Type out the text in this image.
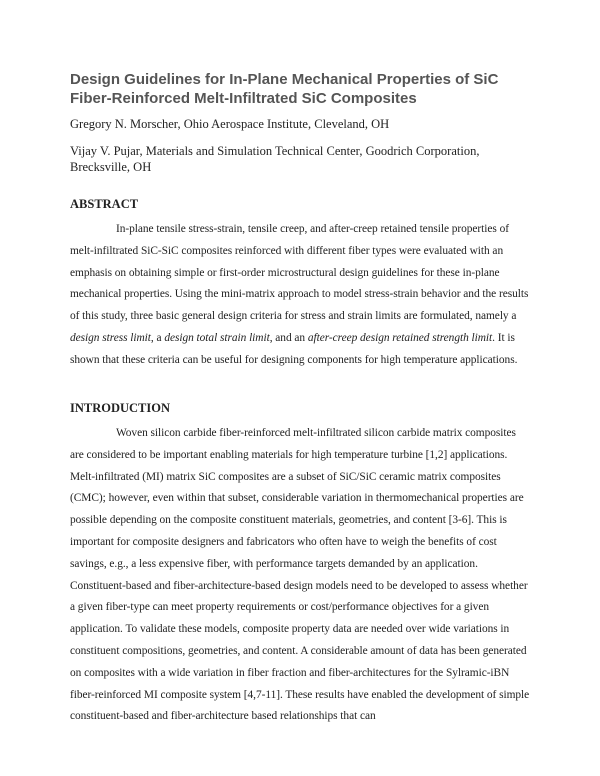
Design Guidelines for In-Plane Mechanical Properties of SiC Fiber-Reinforced Melt-Infiltrated SiC Composites

Gregory N. Morscher, Ohio Aerospace Institute, Cleveland, OH

Vijay V. Pujar, Materials and Simulation Technical Center, Goodrich Corporation, Brecksville, OH

ABSTRACT

In-plane tensile stress-strain, tensile creep, and after-creep retained tensile properties of melt-infiltrated SiC-SiC composites reinforced with different fiber types were evaluated with an emphasis on obtaining simple or first-order microstructural design guidelines for these in-plane mechanical properties. Using the mini-matrix approach to model stress-strain behavior and the results of this study, three basic general design criteria for stress and strain limits are formulated, namely a design stress limit, a design total strain limit, and an after-creep design retained strength limit. It is shown that these criteria can be useful for designing components for high temperature applications.

INTRODUCTION

Woven silicon carbide fiber-reinforced melt-infiltrated silicon carbide matrix composites are considered to be important enabling materials for high temperature turbine [1,2] applications. Melt-infiltrated (MI) matrix SiC composites are a subset of SiC/SiC ceramic matrix composites (CMC); however, even within that subset, considerable variation in thermomechanical properties are possible depending on the composite constituent materials, geometries, and content [3-6]. This is important for composite designers and fabricators who often have to weigh the benefits of cost savings, e.g., a less expensive fiber, with performance targets demanded by an application. Constituent-based and fiber-architecture-based design models need to be developed to assess whether a given fiber-type can meet property requirements or cost/performance objectives for a given application. To validate these models, composite property data are needed over wide variations in constituent compositions, geometries, and content. A considerable amount of data has been generated on composites with a wide variation in fiber fraction and fiber-architectures for the Sylramic-iBN fiber-reinforced MI composite system [4,7-11]. These results have enabled the development of simple constituent-based and fiber-architecture based relationships that can
